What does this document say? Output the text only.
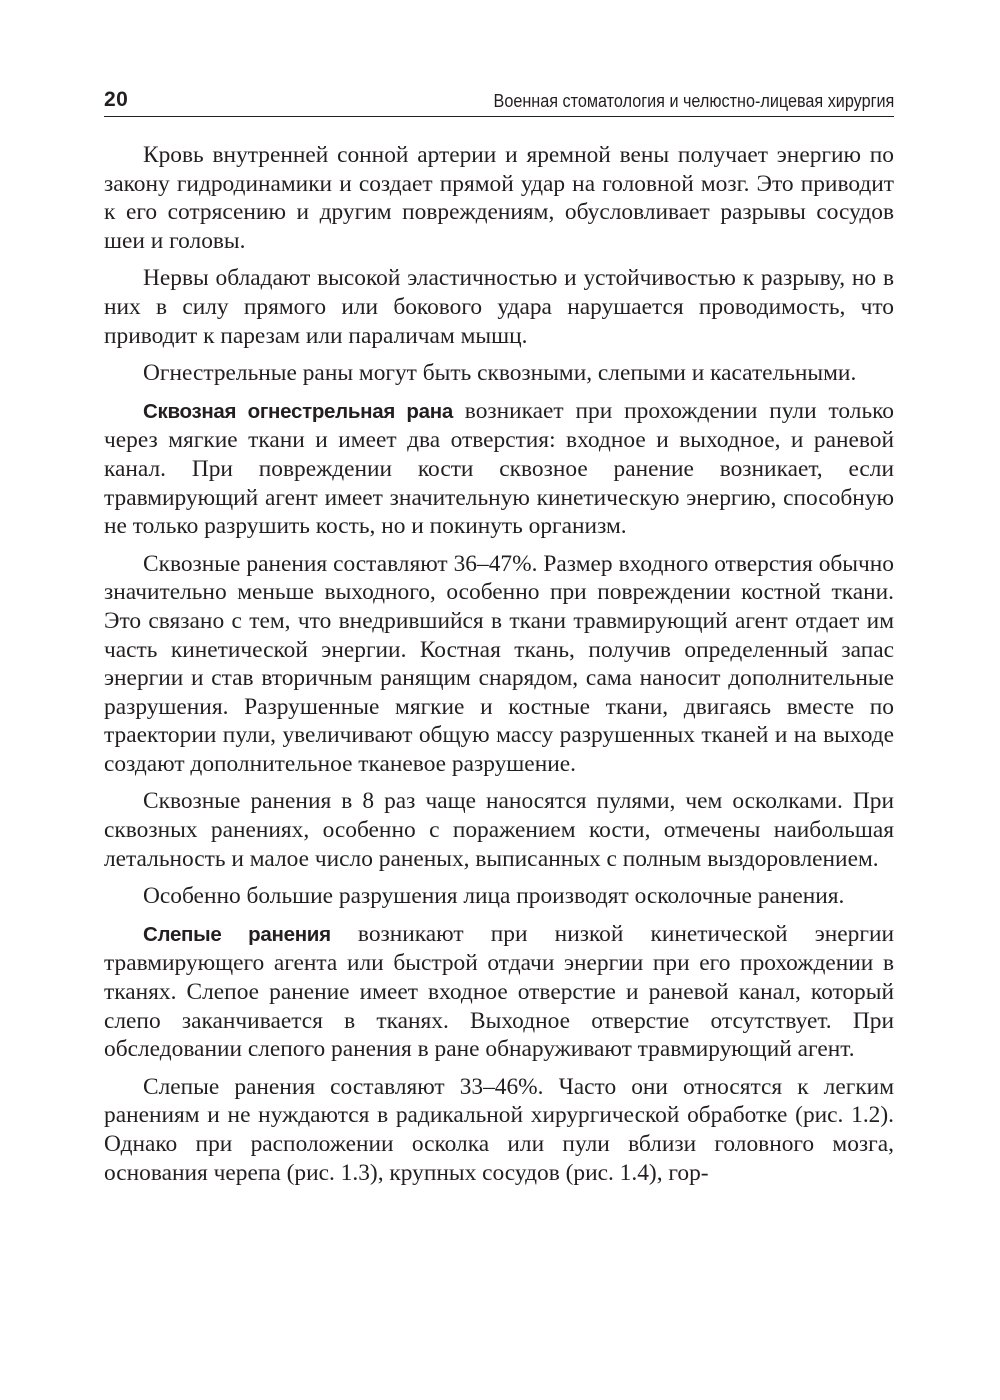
20	Военная стоматология и челюстно-лицевая хирургия

Кровь внутренней сонной артерии и яремной вены получает энергию по закону гидродинамики и создает прямой удар на головной мозг. Это приводит к его сотрясению и другим повреждениям, обусловливает разрывы сосудов шеи и головы.

Нервы обладают высокой эластичностью и устойчивостью к разрыву, но в них в силу прямого или бокового удара нарушается проводимость, что приводит к парезам или параличам мышц.

Огнестрельные раны могут быть сквозными, слепыми и касательными.

Сквозная огнестрельная рана возникает при прохождении пули только через мягкие ткани и имеет два отверстия: входное и выходное, и раневой канал. При повреждении кости сквозное ранение возникает, если травмирующий агент имеет значительную кинетическую энергию, способную не только разрушить кость, но и покинуть организм.

Сквозные ранения составляют 36–47%. Размер входного отверстия обычно значительно меньше выходного, особенно при повреждении костной ткани. Это связано с тем, что внедрившийся в ткани травмирующий агент отдает им часть кинетической энергии. Костная ткань, получив определенный запас энергии и став вторичным ранящим снарядом, сама наносит дополнительные разрушения. Разрушенные мягкие и костные ткани, двигаясь вместе по траектории пули, увеличивают общую массу разрушенных тканей и на выходе создают дополнительное тканевое разрушение.

Сквозные ранения в 8 раз чаще наносятся пулями, чем осколками. При сквозных ранениях, особенно с поражением кости, отмечены наибольшая летальность и малое число раненых, выписанных с полным выздоровлением.

Особенно большие разрушения лица производят осколочные ранения.

Слепые ранения возникают при низкой кинетической энергии травмирующего агента или быстрой отдачи энергии при его прохождении в тканях. Слепое ранение имеет входное отверстие и раневой канал, который слепо заканчивается в тканях. Выходное отверстие отсутствует. При обследовании слепого ранения в ране обнаруживают травмирующий агент.

Слепые ранения составляют 33–46%. Часто они относятся к легким ранениям и не нуждаются в радикальной хирургической обработке (рис. 1.2). Однако при расположении осколка или пули вблизи головного мозга, основания черепа (рис. 1.3), крупных сосудов (рис. 1.4), гор-
